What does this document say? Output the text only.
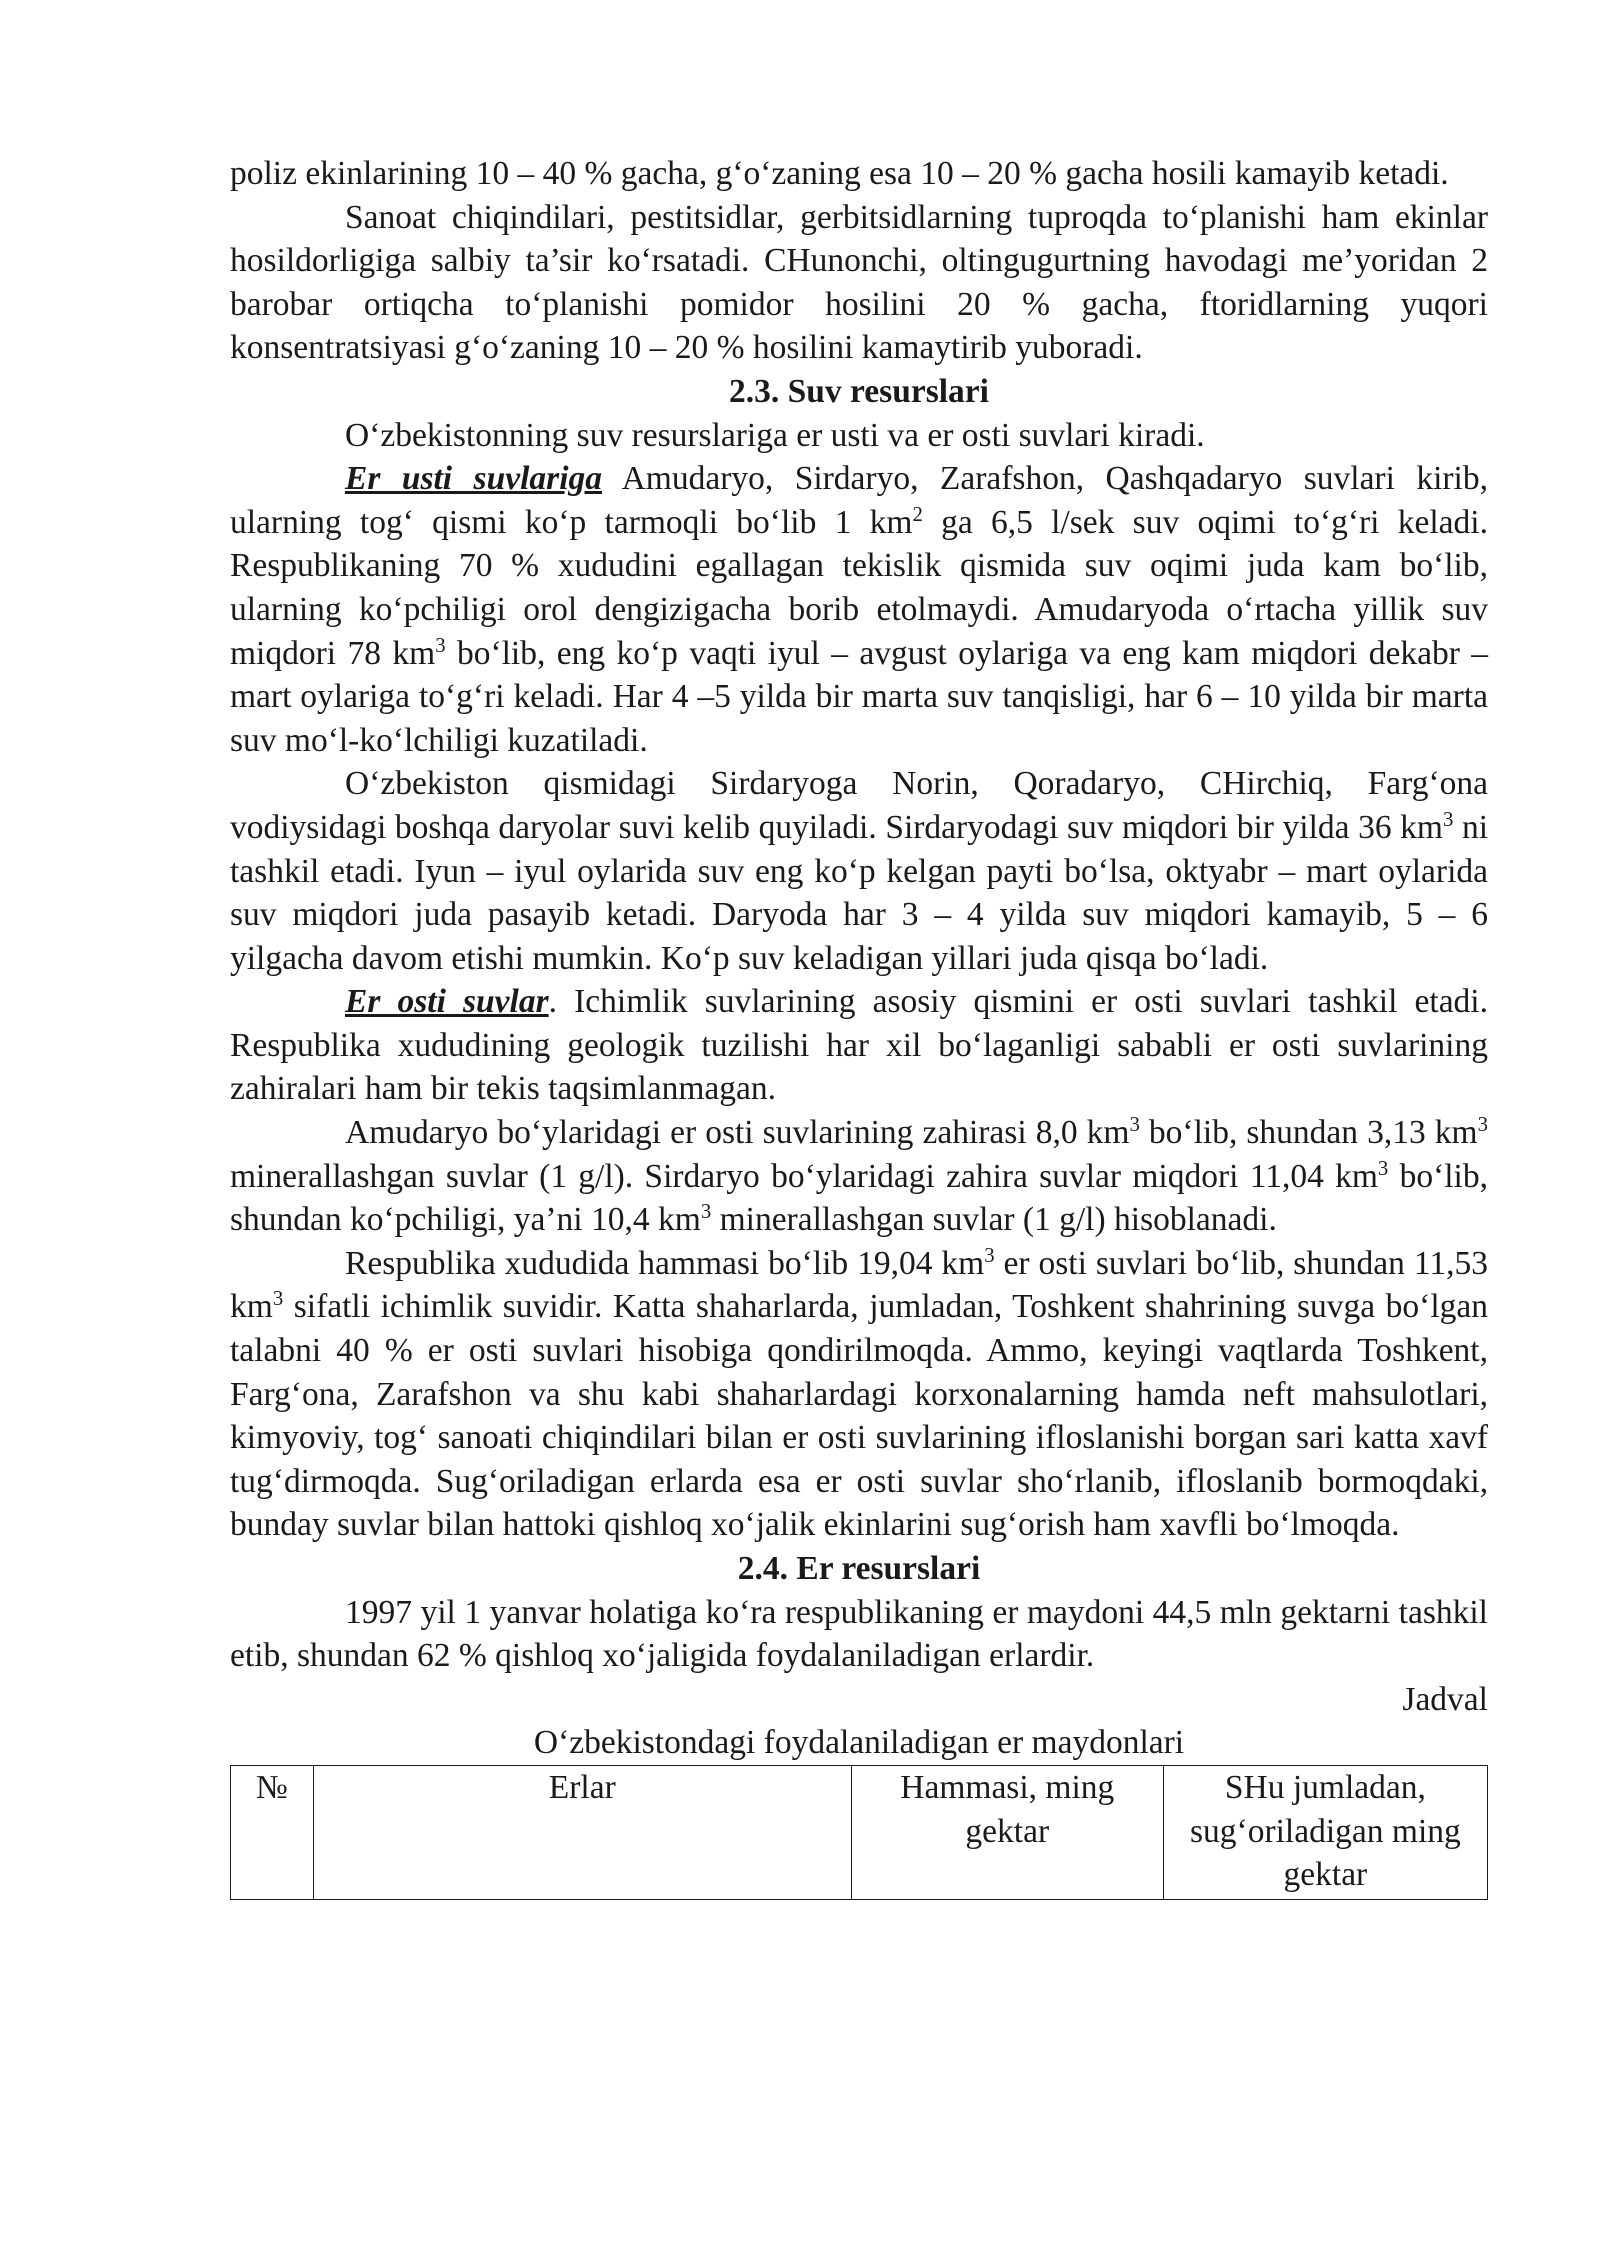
poliz ekinlarining 10 – 40 % gacha, g‘o‘zaning esa 10 – 20 % gacha hosili kamayib ketadi.

Sanoat chiqindilari, pestitsidlar, gerbitsidlarning tuproqda to‘planishi ham ekinlar hosildorligiga salbiy ta’sir ko‘rsatadi. CHunonchi, oltingugurtning havodagi me’yoridan 2 barobar ortiqcha to‘planishi pomidor hosilini 20 % gacha, ftoridlarning yuqori konsentratsiyasi g‘o‘zaning 10 – 20 % hosilini kamaytirib yuboradi.

2.3. Suv resurslari

O‘zbekistonning suv resurslariga er usti va er osti suvlari kiradi.

Er usti suvlariga Amudaryo, Sirdaryo, Zarafshon, Qashqadaryo suvlari kirib, ularning tog‘ qismi ko‘p tarmoqli bo‘lib 1 $km^2$ ga 6,5 l/sek suv oqimi to‘g‘ri keladi. Respublikaning 70 % xududini egallagan tekislik qismida suv oqimi juda kam bo‘lib, ularning ko‘pchiligi orol dengizigacha borib etolmaydi. Amudaryoda o‘rtacha yillik suv miqdori 78 $km^3$ bo‘lib, eng ko‘p vaqti iyul – avgust oylariga va eng kam miqdori dekabr – mart oylariga to‘g‘ri keladi. Har 4 –5 yilda bir marta suv tanqisligi, har 6 – 10 yilda bir marta suv mo‘l-ko‘lchiligi kuzatiladi.

O‘zbekiston qismidagi Sirdaryoga Norin, Qoradaryo, CHirchiq, Farg‘ona vodiysidagi boshqa daryolar suvi kelib quyiladi. Sirdaryodagi suv miqdori bir yilda 36 $km^3$ ni tashkil etadi. Iyun – iyul oylarida suv eng ko‘p kelgan payti bo‘lsa, oktyabr – mart oylarida suv miqdori juda pasayib ketadi. Daryoda har 3 – 4 yilda suv miqdori kamayib, 5 – 6 yilgacha davom etishi mumkin. Ko‘p suv keladigan yillari juda qisqa bo‘ladi.

Er osti suvlar. Ichimlik suvlarining asosiy qismini er osti suvlari tashkil etadi. Respublika xududining geologik tuzilishi har xil bo‘laganligi sababli er osti suvlarining zahiralari ham bir tekis taqsimlanmagan.

Amudaryo bo‘ylaridagi er osti suvlarining zahirasi 8,0 $km^3$ bo‘lib, shundan 3,13 $km^3$ minerallashgan suvlar (1 g/l). Sirdaryo bo‘ylaridagi zahira suvlar miqdori 11,04 $km^3$ bo‘lib, shundan ko‘pchiligi, ya’ni 10,4 $km^3$ minerallashgan suvlar (1 g/l) hisoblanadi.

Respublika xududida hammasi bo‘lib 19,04 $km^3$ er osti suvlari bo‘lib, shundan 11,53 $km^3$ sifatli ichimlik suvidir. Katta shaharlarda, jumladan, Toshkent shahrining suvga bo‘lgan talabni 40 % er osti suvlari hisobiga qondirilmoqda. Ammo, keyingi vaqtlarda Toshkent, Farg‘ona, Zarafshon va shu kabi shaharlardagi korxonalarning hamda neft mahsulotlari, kimyoviy, tog‘ sanoati chiqindilari bilan er osti suvlarining ifloslanishi borgan sari katta xavf tug‘dirmoqda. Sug‘oriladigan erlarda esa er osti suvlar sho‘rlanib, ifloslanib bormoqdaki, bunday suvlar bilan hattoki qishloq xo‘jalik ekinlarini sug‘orish ham xavfli bo‘lmoqda.

2.4. Er resurslari

1997 yil 1 yanvar holatiga ko‘ra respublikaning er maydoni 44,5 mln gektarni tashkil etib, shundan 62 % qishloq xo‘jaligida foydalaniladigan erlardir.

Jadval

O‘zbekistondagi foydalaniladigan er maydonlari

№	Erlar	Hammasi, ming gektar	SHu jumladan, sug‘oriladigan ming gektar
